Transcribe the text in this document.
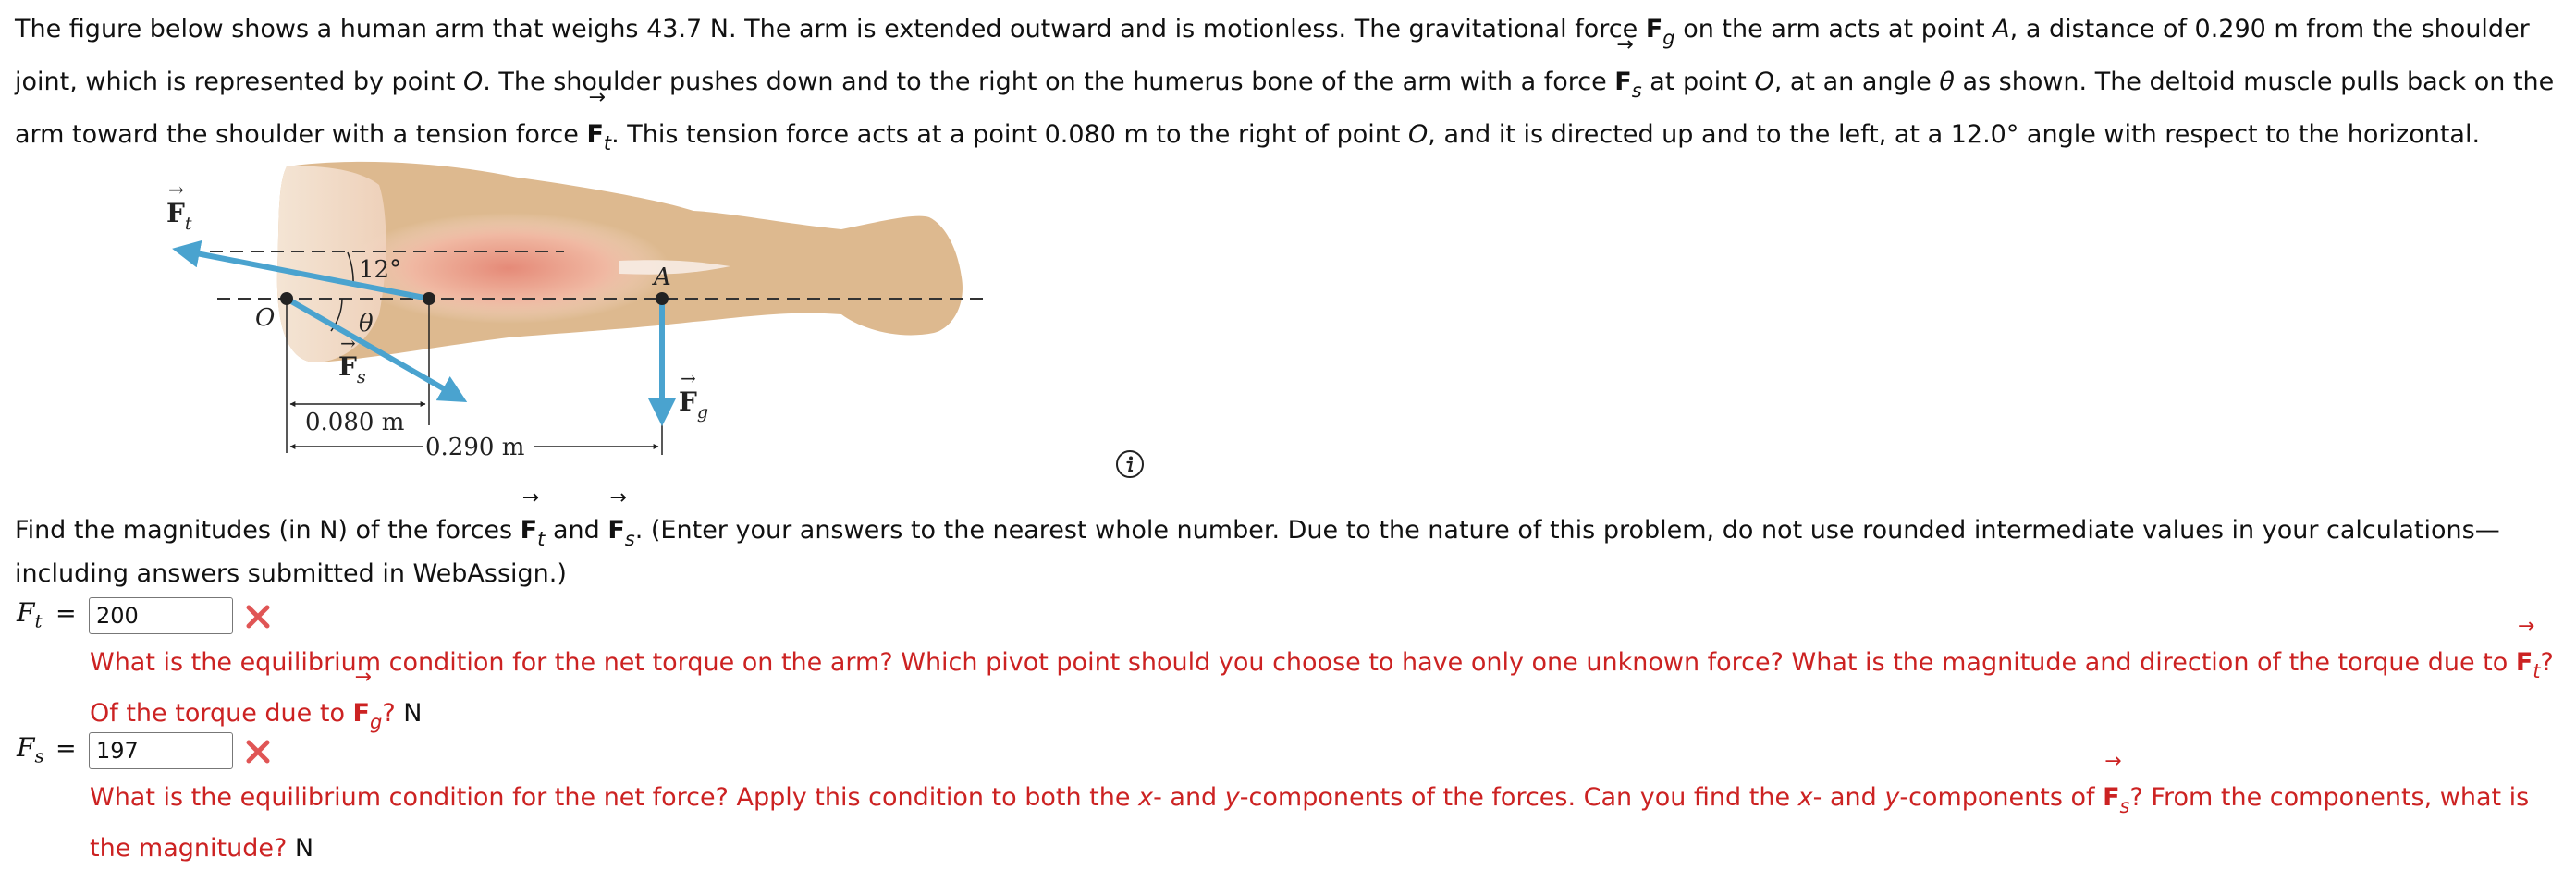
The figure below shows a human arm that weighs 43.7 N. The arm is extended outward and is motionless. The gravitational force → $F_g$ on the arm acts at point A, a distance of 0.290 m from the shoulder joint, which is represented by point O. The shoulder pushes down and to the right on the humerus bone of the arm with a force → $F_s$ at point O, at an angle θ as shown. The deltoid muscle pulls back on the arm toward the shoulder with a tension force → $F_t$. This tension force acts at a point 0.080 m to the right of point O, and it is directed up and to the left, at a 12.0° angle with respect to the horizontal.
$F_t$
→
$F_s$
→
$F_g$
→
12°
θ
O
A
0.080 m
0.290 m
Find the magnitudes (in N) of the forces → $F_t$ and → $F_s$. (Enter your answers to the nearest whole number. Due to the nature of this problem, do not use rounded intermediate values in your calculations—including answers submitted in WebAssign.)
$F_t$ =
200
What is the equilibrium condition for the net torque on the arm? Which pivot point should you choose to have only one unknown force? What is the magnitude and direction of the torque due to → $F_t$? Of the torque due to → $F_g$? N
$F_s$ =
197
What is the equilibrium condition for the net force? Apply this condition to both the x- and y-components of the forces. Can you find the x- and y-components of → $F_s$? From the components, what is the magnitude? N
